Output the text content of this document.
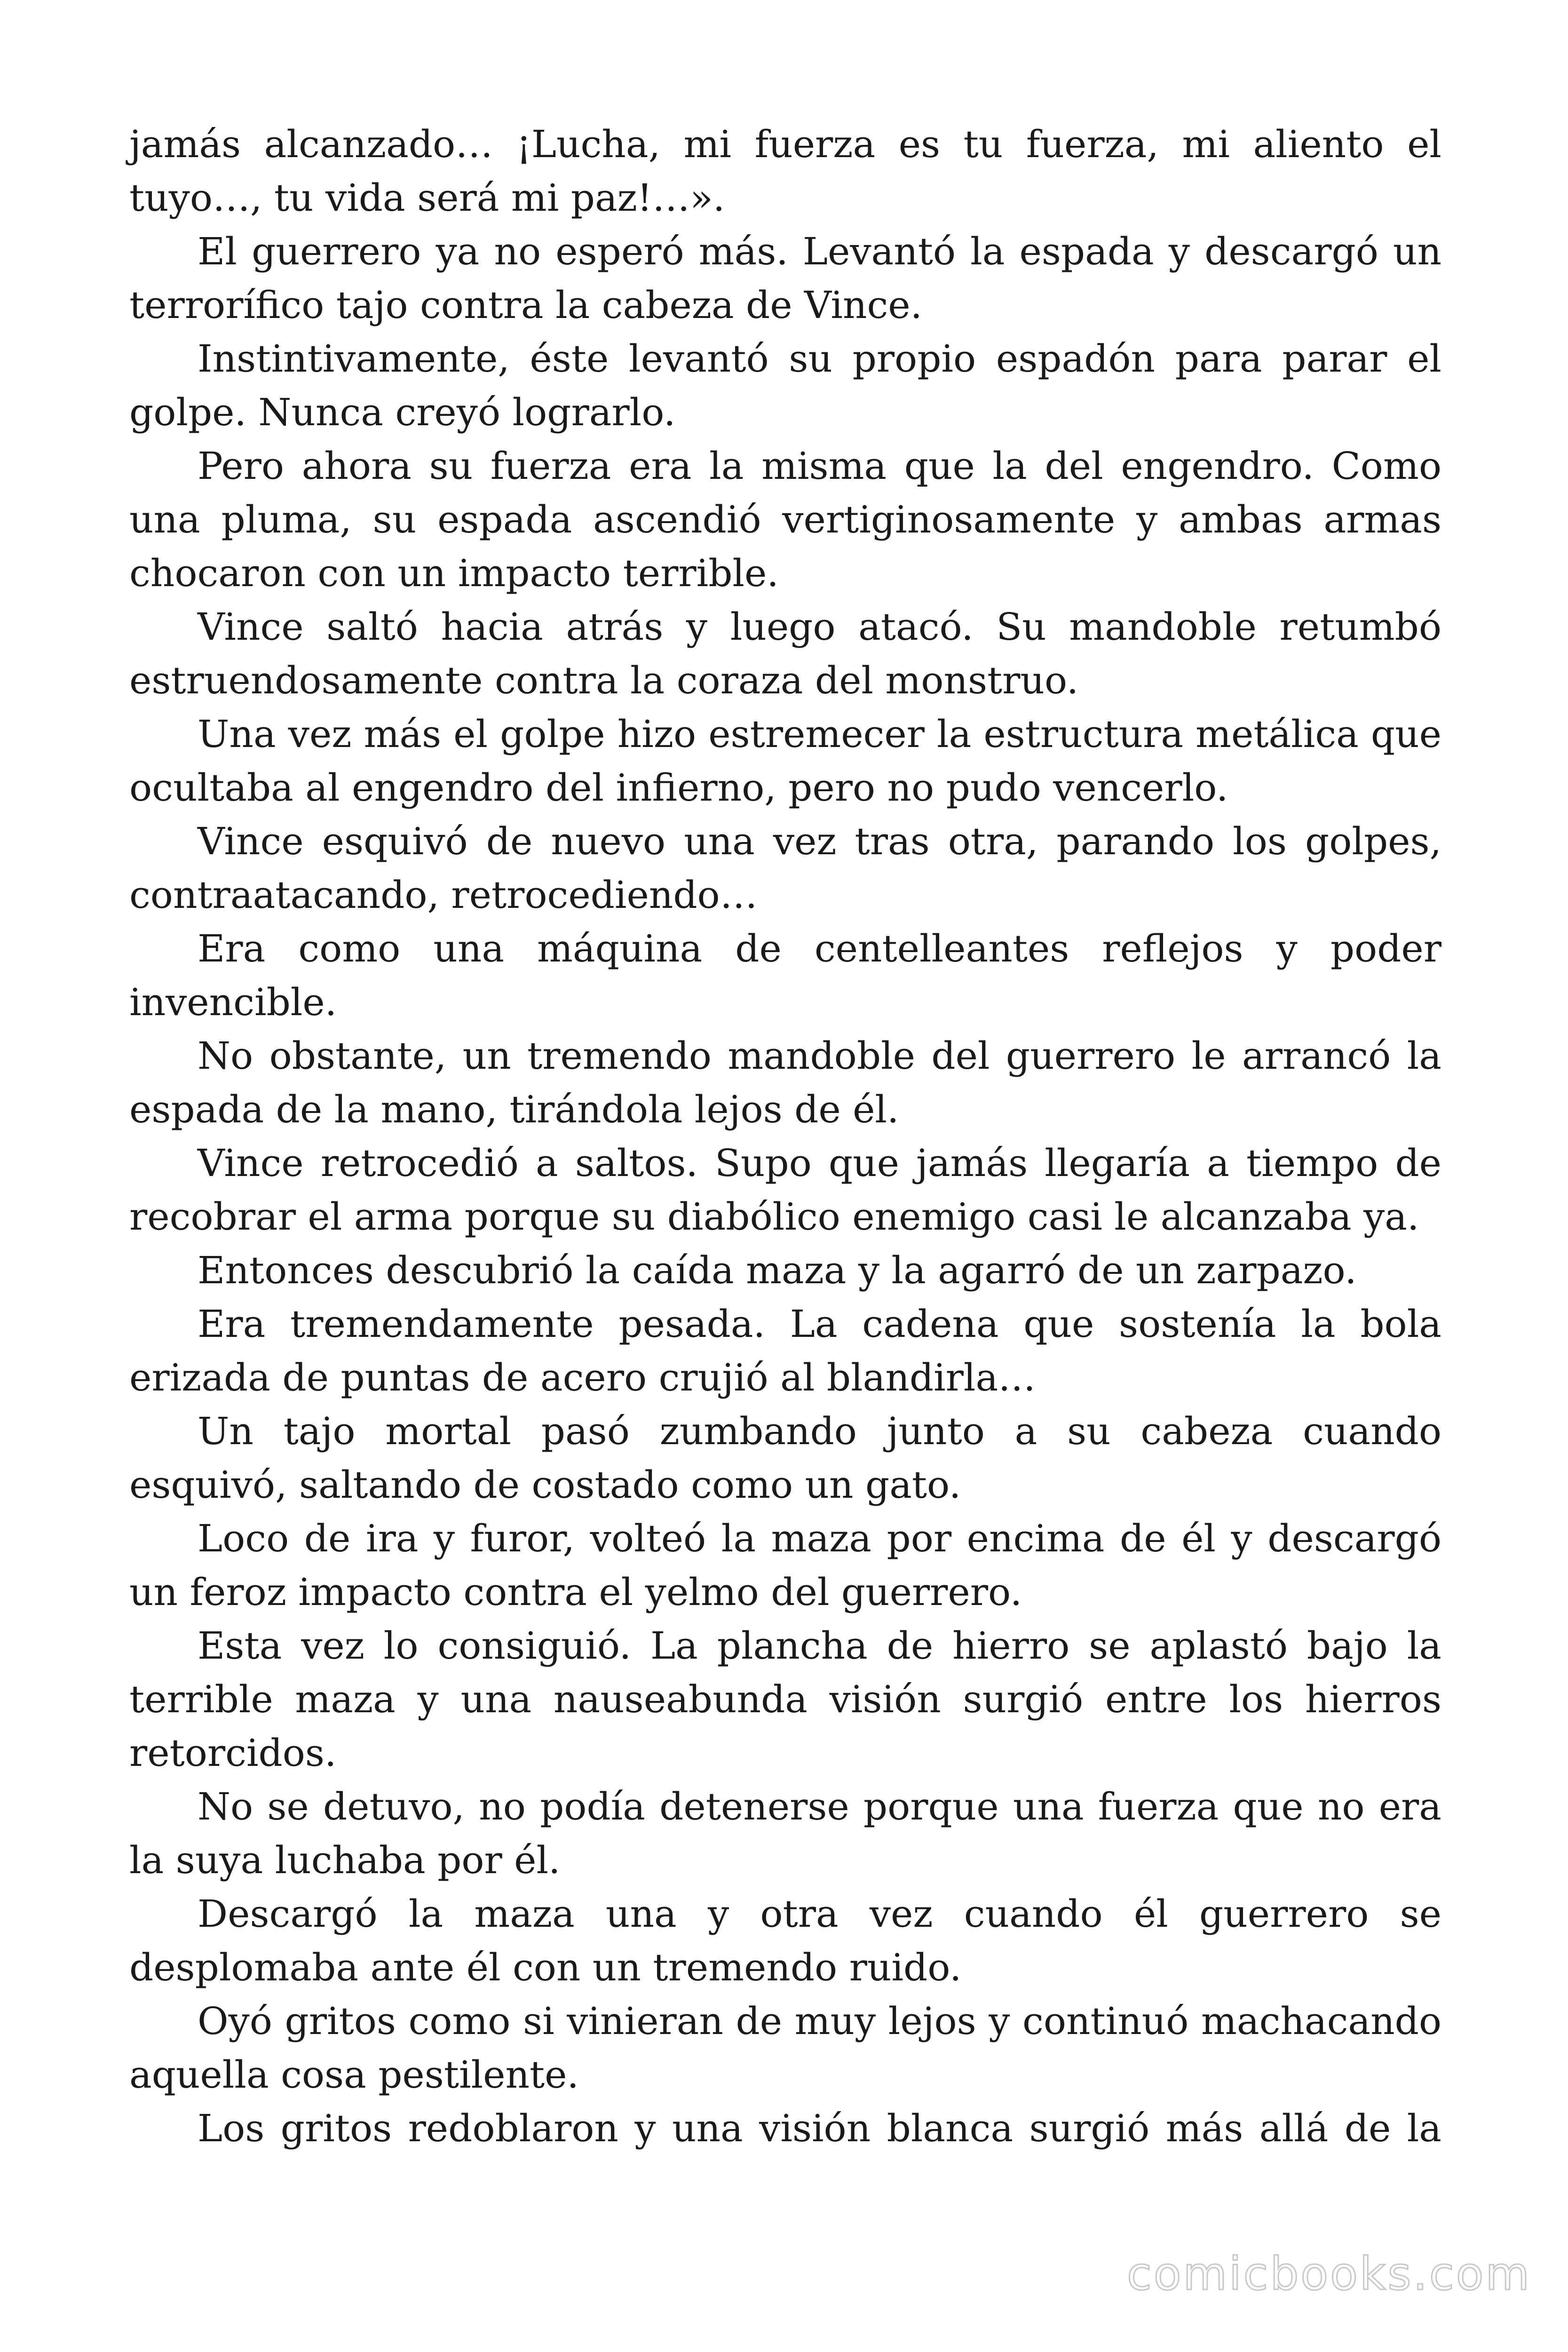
jamás alcanzado… ¡Lucha, mi fuerza es tu fuerza, mi aliento el tuyo…, tu vida será mi paz!…».

El guerrero ya no esperó más. Levantó la espada y descargó un terrorífico tajo contra la cabeza de Vince.

Instintivamente, éste levantó su propio espadón para parar el golpe. Nunca creyó lograrlo.

Pero ahora su fuerza era la misma que la del engendro. Como una pluma, su espada ascendió vertiginosamente y ambas armas chocaron con un impacto terrible.

Vince saltó hacia atrás y luego atacó. Su mandoble retumbó estruendosamente contra la coraza del monstruo.

Una vez más el golpe hizo estremecer la estructura metálica que ocultaba al engendro del infierno, pero no pudo vencerlo.

Vince esquivó de nuevo una vez tras otra, parando los golpes, contraatacando, retrocediendo…

Era como una máquina de centelleantes reflejos y poder invencible.

No obstante, un tremendo mandoble del guerrero le arrancó la espada de la mano, tirándola lejos de él.

Vince retrocedió a saltos. Supo que jamás llegaría a tiempo de recobrar el arma porque su diabólico enemigo casi le alcanzaba ya.

Entonces descubrió la caída maza y la agarró de un zarpazo.

Era tremendamente pesada. La cadena que sostenía la bola erizada de puntas de acero crujió al blandirla…

Un tajo mortal pasó zumbando junto a su cabeza cuando esquivó, saltando de costado como un gato.

Loco de ira y furor, volteó la maza por encima de él y descargó un feroz impacto contra el yelmo del guerrero.

Esta vez lo consiguió. La plancha de hierro se aplastó bajo la terrible maza y una nauseabunda visión surgió entre los hierros retorcidos.

No se detuvo, no podía detenerse porque una fuerza que no era la suya luchaba por él.

Descargó la maza una y otra vez cuando él guerrero se desplomaba ante él con un tremendo ruido.

Oyó gritos como si vinieran de muy lejos y continuó machacando aquella cosa pestilente.

Los gritos redoblaron y una visión blanca surgió más allá de la

comicbooks.com
